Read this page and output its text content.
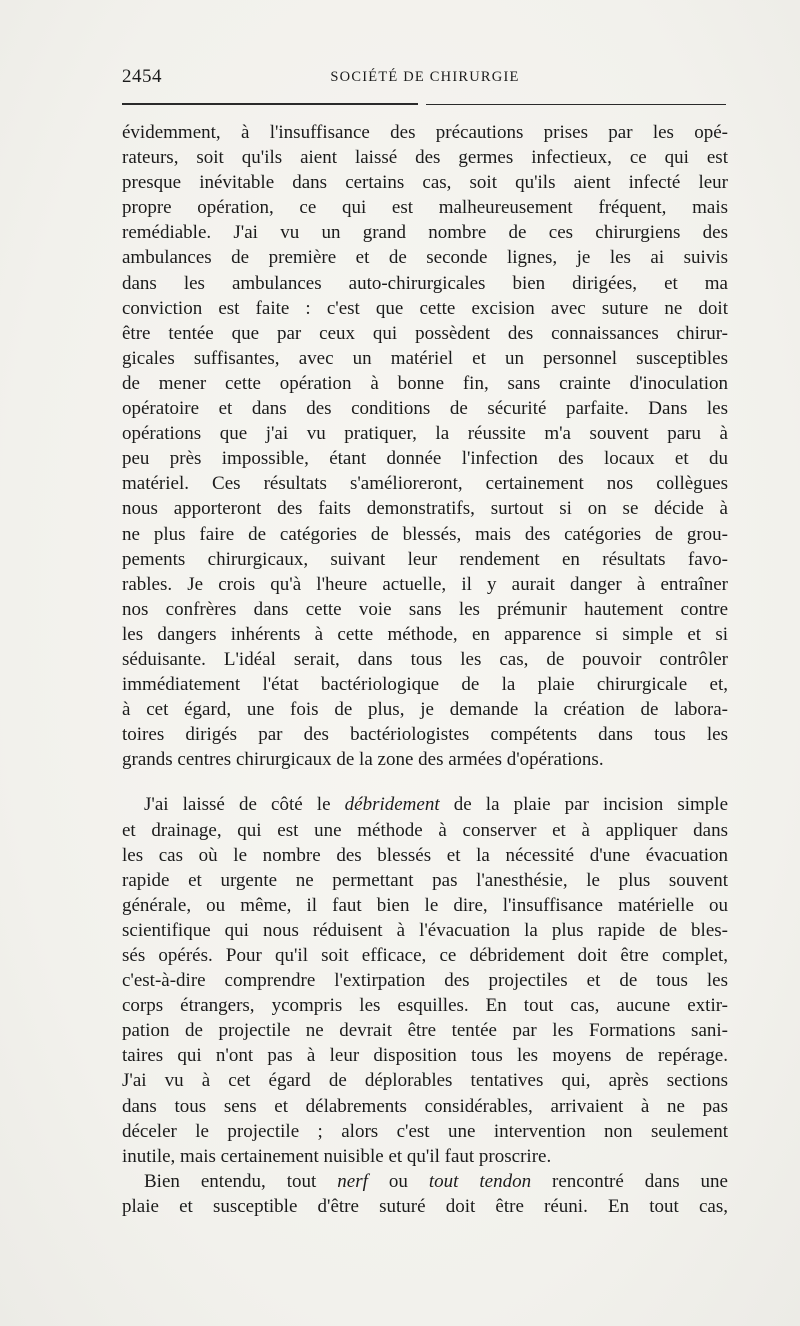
2454	SOCIÉTÉ DE CHIRURGIE
évidemment, à l'insuffisance des précautions prises par les opé-
rateurs, soit qu'ils aient laissé des germes infectieux, ce qui est
presque inévitable dans certains cas, soit qu'ils aient infecté leur
propre opération, ce qui est malheureusement fréquent, mais
remédiable. J'ai vu un grand nombre de ces chirurgiens des
ambulances de première et de seconde lignes, je les ai suivis
dans les ambulances auto-chirurgicales bien dirigées, et ma
conviction est faite : c'est que cette excision avec suture ne doit
être tentée que par ceux qui possèdent des connaissances chirur-
gicales suffisantes, avec un matériel et un personnel susceptibles
de mener cette opération à bonne fin, sans crainte d'inoculation
opératoire et dans des conditions de sécurité parfaite. Dans les
opérations que j'ai vu pratiquer, la réussite m'a souvent paru à
peu près impossible, étant donnée l'infection des locaux et du
matériel. Ces résultats s'amélioreront, certainement nos collègues
nous apporteront des faits demonstratifs, surtout si on se décide à
ne plus faire de catégories de blessés, mais des catégories de grou-
pements chirurgicaux, suivant leur rendement en résultats favo-
rables. Je crois qu'à l'heure actuelle, il y aurait danger à entraîner
nos confrères dans cette voie sans les prémunir hautement contre
les dangers inhérents à cette méthode, en apparence si simple et si
séduisante. L'idéal serait, dans tous les cas, de pouvoir contrôler
immédiatement l'état bactériologique de la plaie chirurgicale et,
à cet égard, une fois de plus, je demande la création de labora-
toires dirigés par des bactériologistes compétents dans tous les
grands centres chirurgicaux de la zone des armées d'opérations.
J'ai laissé de côté le débridement de la plaie par incision simple
et drainage, qui est une méthode à conserver et à appliquer dans
les cas où le nombre des blessés et la nécessité d'une évacuation
rapide et urgente ne permettant pas l'anesthésie, le plus souvent
générale, ou même, il faut bien le dire, l'insuffisance matérielle ou
scientifique qui nous réduisent à l'évacuation la plus rapide de bles-
sés opérés. Pour qu'il soit efficace, ce débridement doit être complet,
c'est-à-dire comprendre l'extirpation des projectiles et de tous les
corps étrangers, ycompris les esquilles. En tout cas, aucune extir-
pation de projectile ne devrait être tentée par les Formations sani-
taires qui n'ont pas à leur disposition tous les moyens de repérage.
J'ai vu à cet égard de déplorables tentatives qui, après sections
dans tous sens et délabrements considérables, arrivaient à ne pas
déceler le projectile ; alors c'est une intervention non seulement
inutile, mais certainement nuisible et qu'il faut proscrire.
Bien entendu, tout nerf ou tout tendon rencontré dans une
plaie et susceptible d'être suturé doit être réuni. En tout cas,
